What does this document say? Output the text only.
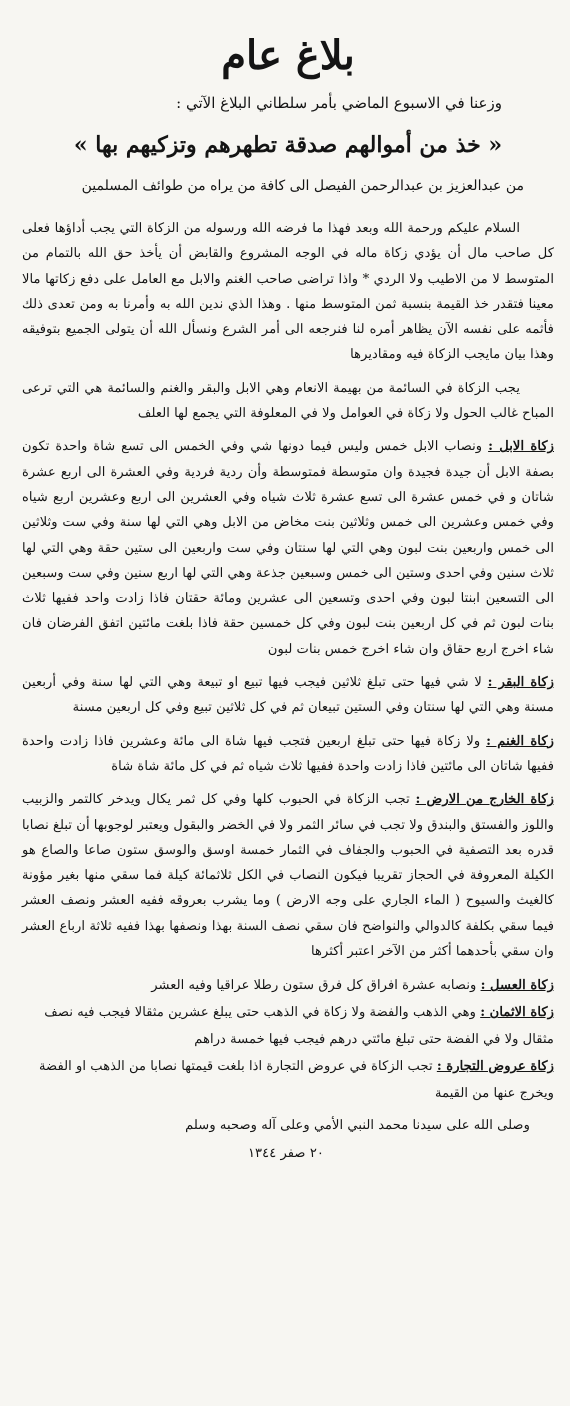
بلاغ عام
وزعنا في الاسبوع الماضي بأمر سلطاني البلاغ الآتي :
« خذ من أموالهم صدقة تطهرهم وتزكيهم بها »
من عبدالعزيز بن عبدالرحمن الفيصل الى كافة من يراه من طوائف المسلمين

السلام عليكم ورحمة الله وبعد فهذا ما فرضه الله ورسوله من الزكاة التي يجب أداؤها فعلى كل صاحب مال أن يؤدي زكاة ماله في الوجه المشروع والقابض أن يأخذ حق الله بالتمام من المتوسط لا من الاطيب ولا الردي * واذا تراضى صاحب الغنم والابل مع العامل على دفع زكاتها مالا معينا فتقدر خذ القيمة بنسبة ثمن المتوسط منها . وهذا الذي ندين الله به وأمرنا به ومن تعدى ذلك فأثمه على نفسه الآن يظاهر أمره لنا فنرجعه الى أمر الشرع ونسأل الله أن يتولى الجميع بتوفيقه وهذا بيان مايجب الزكاة فيه ومقاديرها

يجب الزكاة في السائمة من بهيمة الانعام وهي الابل والبقر والغنم والسائمة هي التي ترعى المباح غالب الحول ولا زكاة في العوامل ولا في المعلوفة التي يجمع لها العلف

زكاة الابل : ونصاب الابل خمس وليس فيما دونها شي وفي الخمس الى تسع شاة واحدة تكون بصفة الابل أن جيدة فجيدة وان متوسطة فمتوسطة وأن ردية فردية وفي العشرة الى اربع عشرة شاتان و في خمس عشرة الى تسع عشرة ثلاث شياه وفي العشرين الى اربع وعشرين اربع شياه وفي خمس وعشرين الى خمس وثلاثين بنت مخاض من الابل وهي التي لها سنة وفي ست وثلاثين الى خمس واربعين بنت لبون وهي التي لها سنتان وفي ست واربعين الى ستين حقة وهي التي لها ثلاث سنين وفي احدى وستين الى خمس وسبعين جذعة وهي التي لها اربع سنين وفي ست وسبعين الى التسعين ابنتا لبون وفي احدى وتسعين الى عشرين ومائة حقتان فاذا زادت واحد ففيها ثلاث بنات لبون ثم في كل اربعين بنت لبون وفي كل خمسين حقة فاذا بلغت مائتين اتفق الفرضان فان شاء اخرج اربع حقاق وان شاء اخرج خمس بنات لبون

زكاة البقر : لا شي فيها حتى تبلغ ثلاثين فيجب فيها تبيع او تبيعة وهي التي لها سنة وفي أربعين مسنة وهي التي لها سنتان وفي الستين تبيعان ثم في كل ثلاثين تبيع وفي كل اربعين مسنة

زكاة الغنم : ولا زكاة فيها حتى تبلغ اربعين فتجب فيها شاة الى مائة وعشرين فاذا زادت واحدة ففيها شاتان الى مائتين فاذا زادت واحدة ففيها ثلاث شياه ثم في كل مائة شاة شاة

زكاة الخارج من الارض : تجب الزكاة في الحبوب كلها وفي كل ثمر يكال ويدخر كالتمر والزبيب واللوز والفستق والبندق ولا تجب في سائر الثمر ولا في الخضر والبقول ويعتبر لوجوبها أن تبلغ نصابا قدره بعد التصفية في الحبوب والجفاف في الثمار خمسة اوسق والوسق ستون صاعا والصاع هو الكيلة المعروفة في الحجاز تقريبا فيكون النصاب في الكل ثلاثمائة كيلة فما سقي منها بغير مؤونة كالغيث والسيوح ( الماء الجاري على وجه الارض ) وما يشرب بعروقه ففيه العشر ونصف العشر فيما سقي بكلفة كالدوالي والنواضح فان سقي نصف السنة بهذا ونصفها بهذا ففيه ثلاثة ارباع العشر وان سقي بأحدهما أكثر من الآخر اعتبر أكثرها

زكاة العسل : ونصابه عشرة افراق كل فرق ستون رطلا عراقيا وفيه العشر

زكاة الاثمان : وهي الذهب والفضة ولا زكاة في الذهب حتى يبلغ عشرين مثقالا فيجب فيه نصف مثقال ولا في الفضة حتى تبلغ مائتي درهم فيجب فيها خمسة دراهم

زكاة عروض التجارة : تجب الزكاة في عروض التجارة اذا بلغت قيمتها نصابا من الذهب او الفضة ويخرج عنها من القيمة

وصلى الله على سيدنا محمد النبي الأمي وعلى آله وصحبه وسلم

٢٠ صفر ١٣٤٤
